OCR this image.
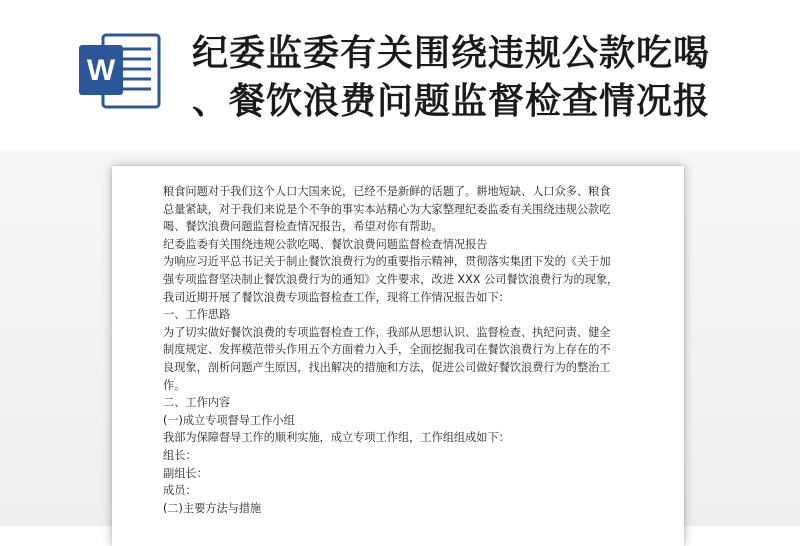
W 纪委监委有关围绕违规公款吃喝
、餐饮浪费问题监督检查情况报

粮食问题对于我们这个人口大国来说，已经不是新鲜的话题了。耕地短缺、人口众多、粮食

总量紧缺，对于我们来说是个不争的事实本站精心为大家整理纪委监委有关围绕违规公款吃

喝、餐饮浪费问题监督检查情况报告，希望对你有帮助。

纪委监委有关围绕违规公款吃喝、餐饮浪费问题监督检查情况报告

为响应习近平总书记关于制止餐饮浪费行为的重要指示精神，贯彻落实集团下发的《关于加

强专项监督坚决制止餐饮浪费行为的通知》文件要求，改进 XXX 公司餐饮浪费行为的现象，

我司近期开展了餐饮浪费专项监督检查工作，现将工作情况报告如下：

一、工作思路

为了切实做好餐饮浪费的专项监督检查工作，我部从思想认识、监督检查、执纪问责、健全

制度规定、发挥模范带头作用五个方面着力入手，全面挖掘我司在餐饮浪费行为上存在的不

良现象，剖析问题产生原因，找出解决的措施和方法，促进公司做好餐饮浪费行为的整治工

作。

二、工作内容

(一)成立专项督导工作小组

我部为保障督导工作的顺利实施，成立专项工作组，工作组组成如下：

组长：

副组长：

成员：

(二)主要方法与措施
